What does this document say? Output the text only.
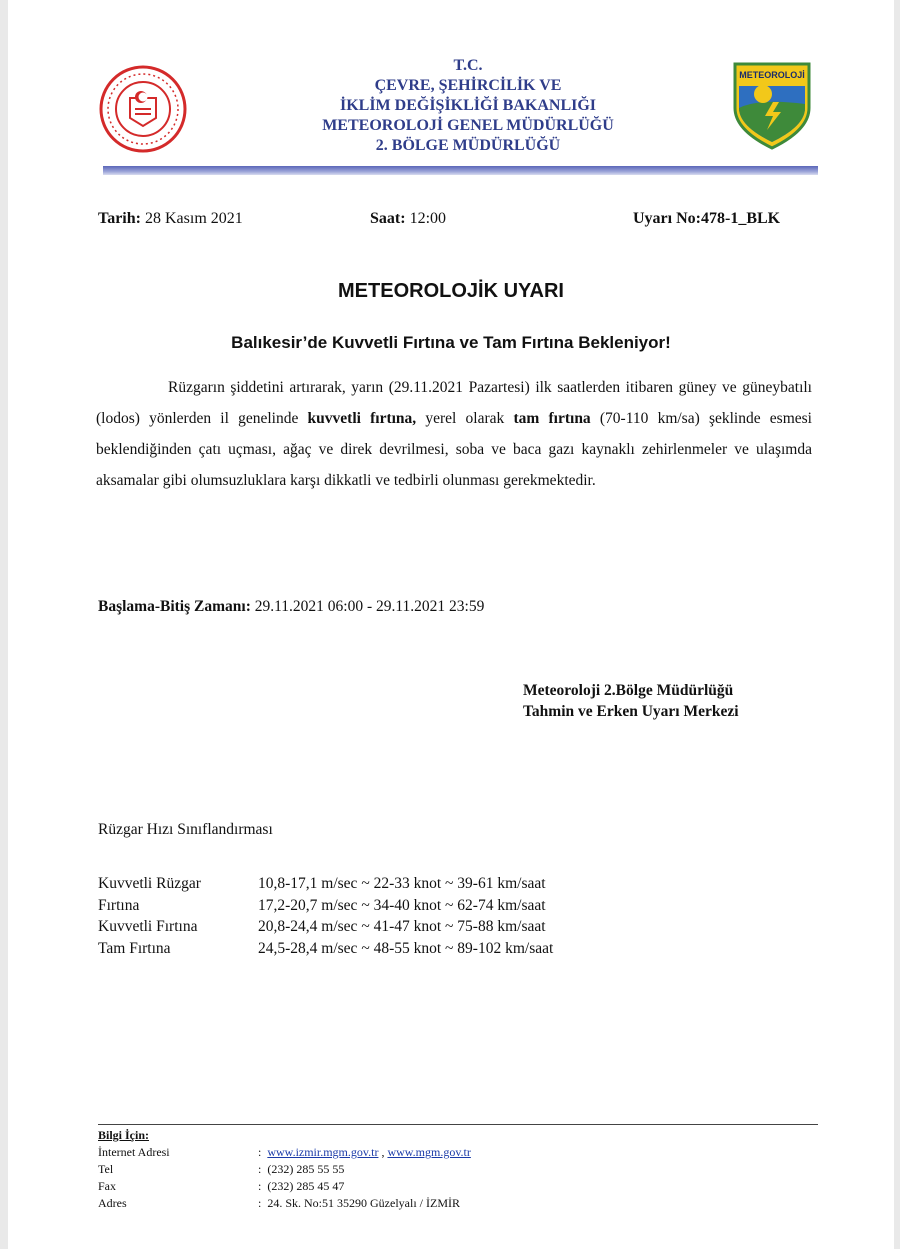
T.C.
ÇEVRE, ŞEHİRCİLİK VE
İKLİM DEĞİŞİKLİĞİ BAKANLIĞI
METEOROLOJİ GENEL MÜDÜRLÜĞÜ
2. BÖLGE MÜDÜRLÜĞÜ
METEOROLOJİ
Tarih: 28 Kasım 2021	Saat: 12:00	Uyarı No:478-1_BLK
METEOROLOJİK UYARI
Balıkesir’de Kuvvetli Fırtına ve Tam Fırtına Bekleniyor!
Rüzgarın şiddetini artırarak, yarın (29.11.2021 Pazartesi) ilk saatlerden itibaren güney ve güneybatılı (lodos) yönlerden il genelinde kuvvetli fırtına, yerel olarak tam fırtına (70-110 km/sa) şeklinde esmesi beklendiğinden çatı uçması, ağaç ve direk devrilmesi, soba ve baca gazı kaynaklı zehirlenmeler ve ulaşımda aksamalar gibi olumsuzluklara karşı dikkatli ve tedbirli olunması gerekmektedir.
Başlama-Bitiş Zamanı: 29.11.2021 06:00 - 29.11.2021 23:59
Meteoroloji 2.Bölge Müdürlüğü
Tahmin ve Erken Uyarı Merkezi
Rüzgar Hızı Sınıflandırması
Kuvvetli Rüzgar	10,8-17,1 m/sec ~ 22-33 knot ~ 39-61 km/saat
Fırtına	17,2-20,7 m/sec ~ 34-40 knot ~ 62-74 km/saat
Kuvvetli Fırtına	20,8-24,4 m/sec ~ 41-47 knot ~ 75-88 km/saat
Tam Fırtına	24,5-28,4 m/sec ~ 48-55 knot ~ 89-102 km/saat
Bilgi İçin:
İnternet Adresi	: www.izmir.mgm.gov.tr , www.mgm.gov.tr
Tel	: (232) 285 55 55
Fax	: (232) 285 45 47
Adres	: 24. Sk. No:51 35290 Güzelyalı / İZMİR
